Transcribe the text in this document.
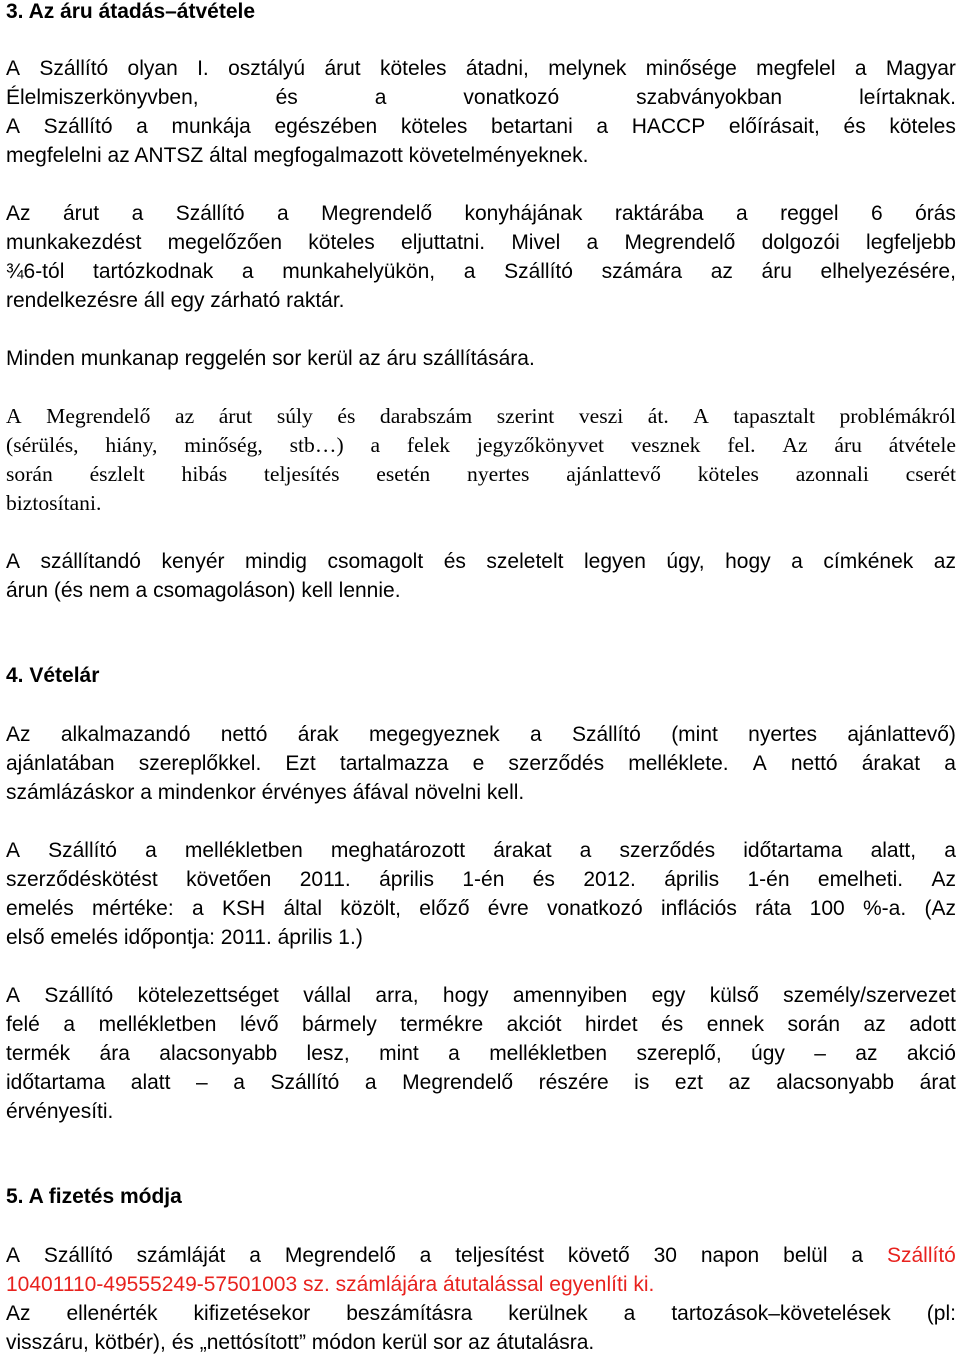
3. Az áru átadás–átvétele
A Szállító olyan I. osztályú árut köteles átadni, melynek minősége megfelel a Magyar
Élelmiszerkönyvben,	és	a	vonatkozó	szabványokban	leírtaknak.
A Szállító a munkája egészében köteles betartani a HACCP előírásait, és köteles
megfelelni az ANTSZ által megfogalmazott követelményeknek.
Az árut a Szállító a Megrendelő konyhájának raktárába a reggel 6 órás
munkakezdést megelőzően köteles eljuttatni. Mivel a Megrendelő dolgozói legfeljebb
¾6-tól tartózkodnak a munkahelyükön, a Szállító számára az áru elhelyezésére,
rendelkezésre áll egy zárható raktár.
Minden munkanap reggelén sor kerül az áru szállítására.
A Megrendelő az árut súly és darabszám szerint veszi át. A tapasztalt problémákról
(sérülés, hiány, minőség, stb…) a felek jegyzőkönyvet vesznek fel. Az áru átvétele
során észlelt hibás teljesítés esetén nyertes ajánlattevő köteles azonnali cserét
biztosítani.
A szállítandó kenyér mindig csomagolt és szeletelt legyen úgy, hogy a címkének az
árun (és nem a csomagoláson) kell lennie.
4. Vételár
Az alkalmazandó nettó árak megegyeznek a Szállító (mint nyertes ajánlattevő)
ajánlatában szereplőkkel. Ezt tartalmazza e szerződés melléklete. A nettó árakat a
számlázáskor a mindenkor érvényes áfával növelni kell.
A Szállító a mellékletben meghatározott árakat a szerződés időtartama alatt, a
szerződéskötést követően 2011. április 1-én és 2012. április 1-én emelheti. Az
emelés mértéke: a KSH által közölt, előző évre vonatkozó inflációs ráta 100 %-a. (Az
első emelés időpontja: 2011. április 1.)
A Szállító kötelezettséget vállal arra, hogy amennyiben egy külső személy/szervezet
felé a mellékletben lévő bármely termékre akciót hirdet és ennek során az adott
termék ára alacsonyabb lesz, mint a mellékletben szereplő, úgy – az akció
időtartama alatt – a Szállító a Megrendelő részére is ezt az alacsonyabb árat
érvényesíti.
5. A fizetés módja
A Szállító számláját a Megrendelő a teljesítést követő 30 napon belül a Szállító
10401110-49555249-57501003 sz. számlájára átutalással egyenlíti ki.
Az ellenérték kifizetésekor beszámításra kerülnek a tartozások–követelések (pl:
visszáru, kötbér), és „nettósított” módon kerül sor az átutalásra.
